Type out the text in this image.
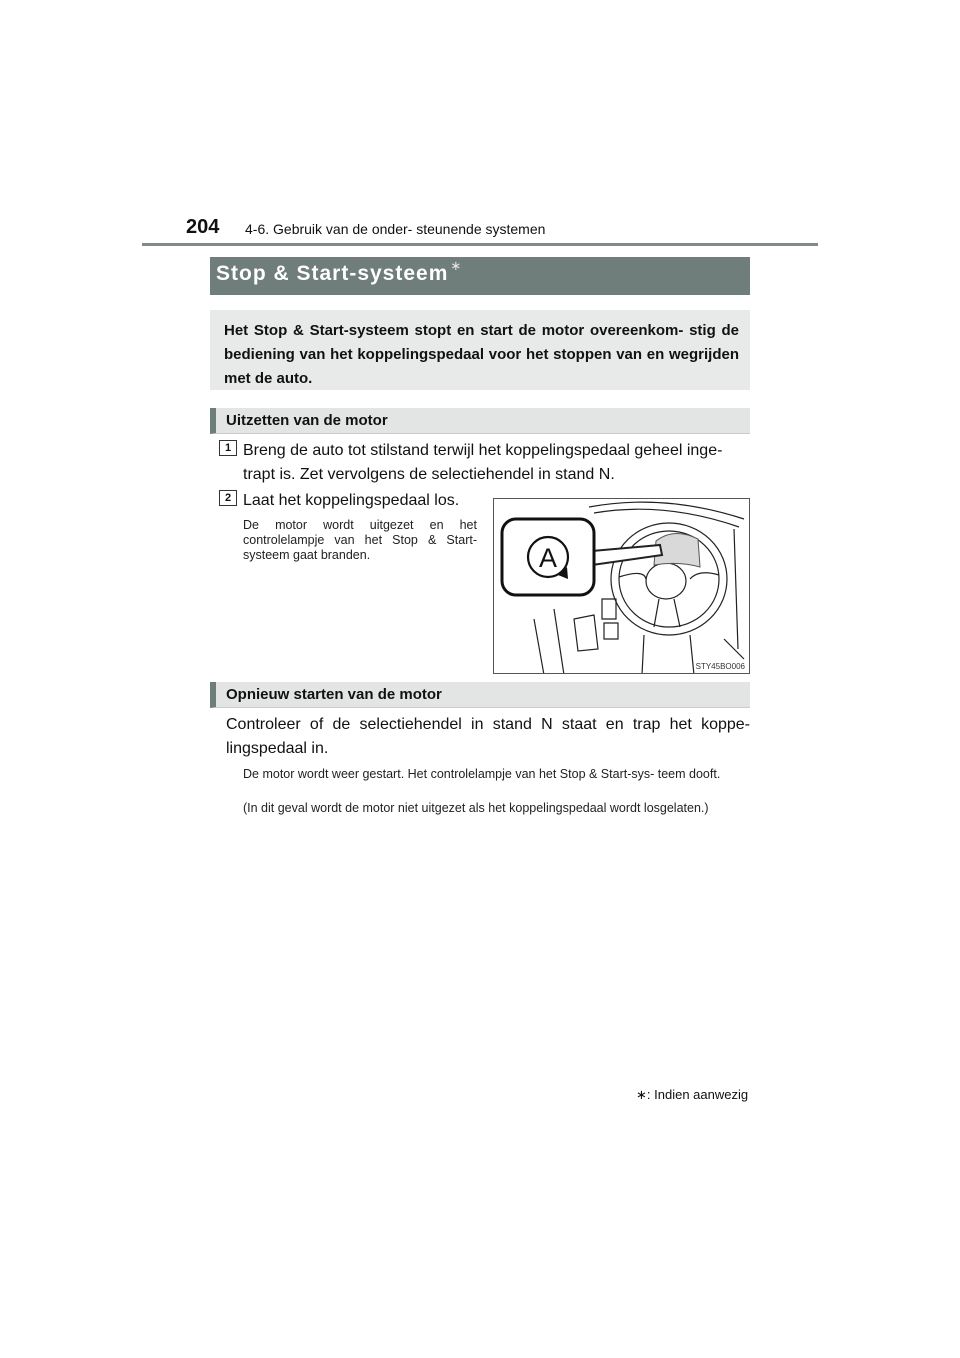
204 4-6. Gebruik van de onder- steunende systemen
Stop & Start-systeem ∗
Het Stop & Start-systeem stopt en start de motor overeenkom- stig de bediening van het koppelingspedaal voor het stoppen van en wegrijden met de auto.
Uitzetten van de motor
1 Breng de auto tot stilstand terwijl het koppelingspedaal geheel inge-
trapt is. Zet vervolgens de selectiehendel in stand N.
2 Laat het koppelingspedaal los.
De motor wordt uitgezet en het controlelampje van het Stop & Start-systeem gaat branden.	A
STY45BO006
Opnieuw starten van de motor
Controleer of de selectiehendel in stand N staat en trap het koppe- lingspedaal in.
De motor wordt weer gestart. Het controlelampje van het Stop & Start-sys- teem dooft.
(In dit geval wordt de motor niet uitgezet als het koppelingspedaal wordt losgelaten.)
∗: Indien aanwezig
